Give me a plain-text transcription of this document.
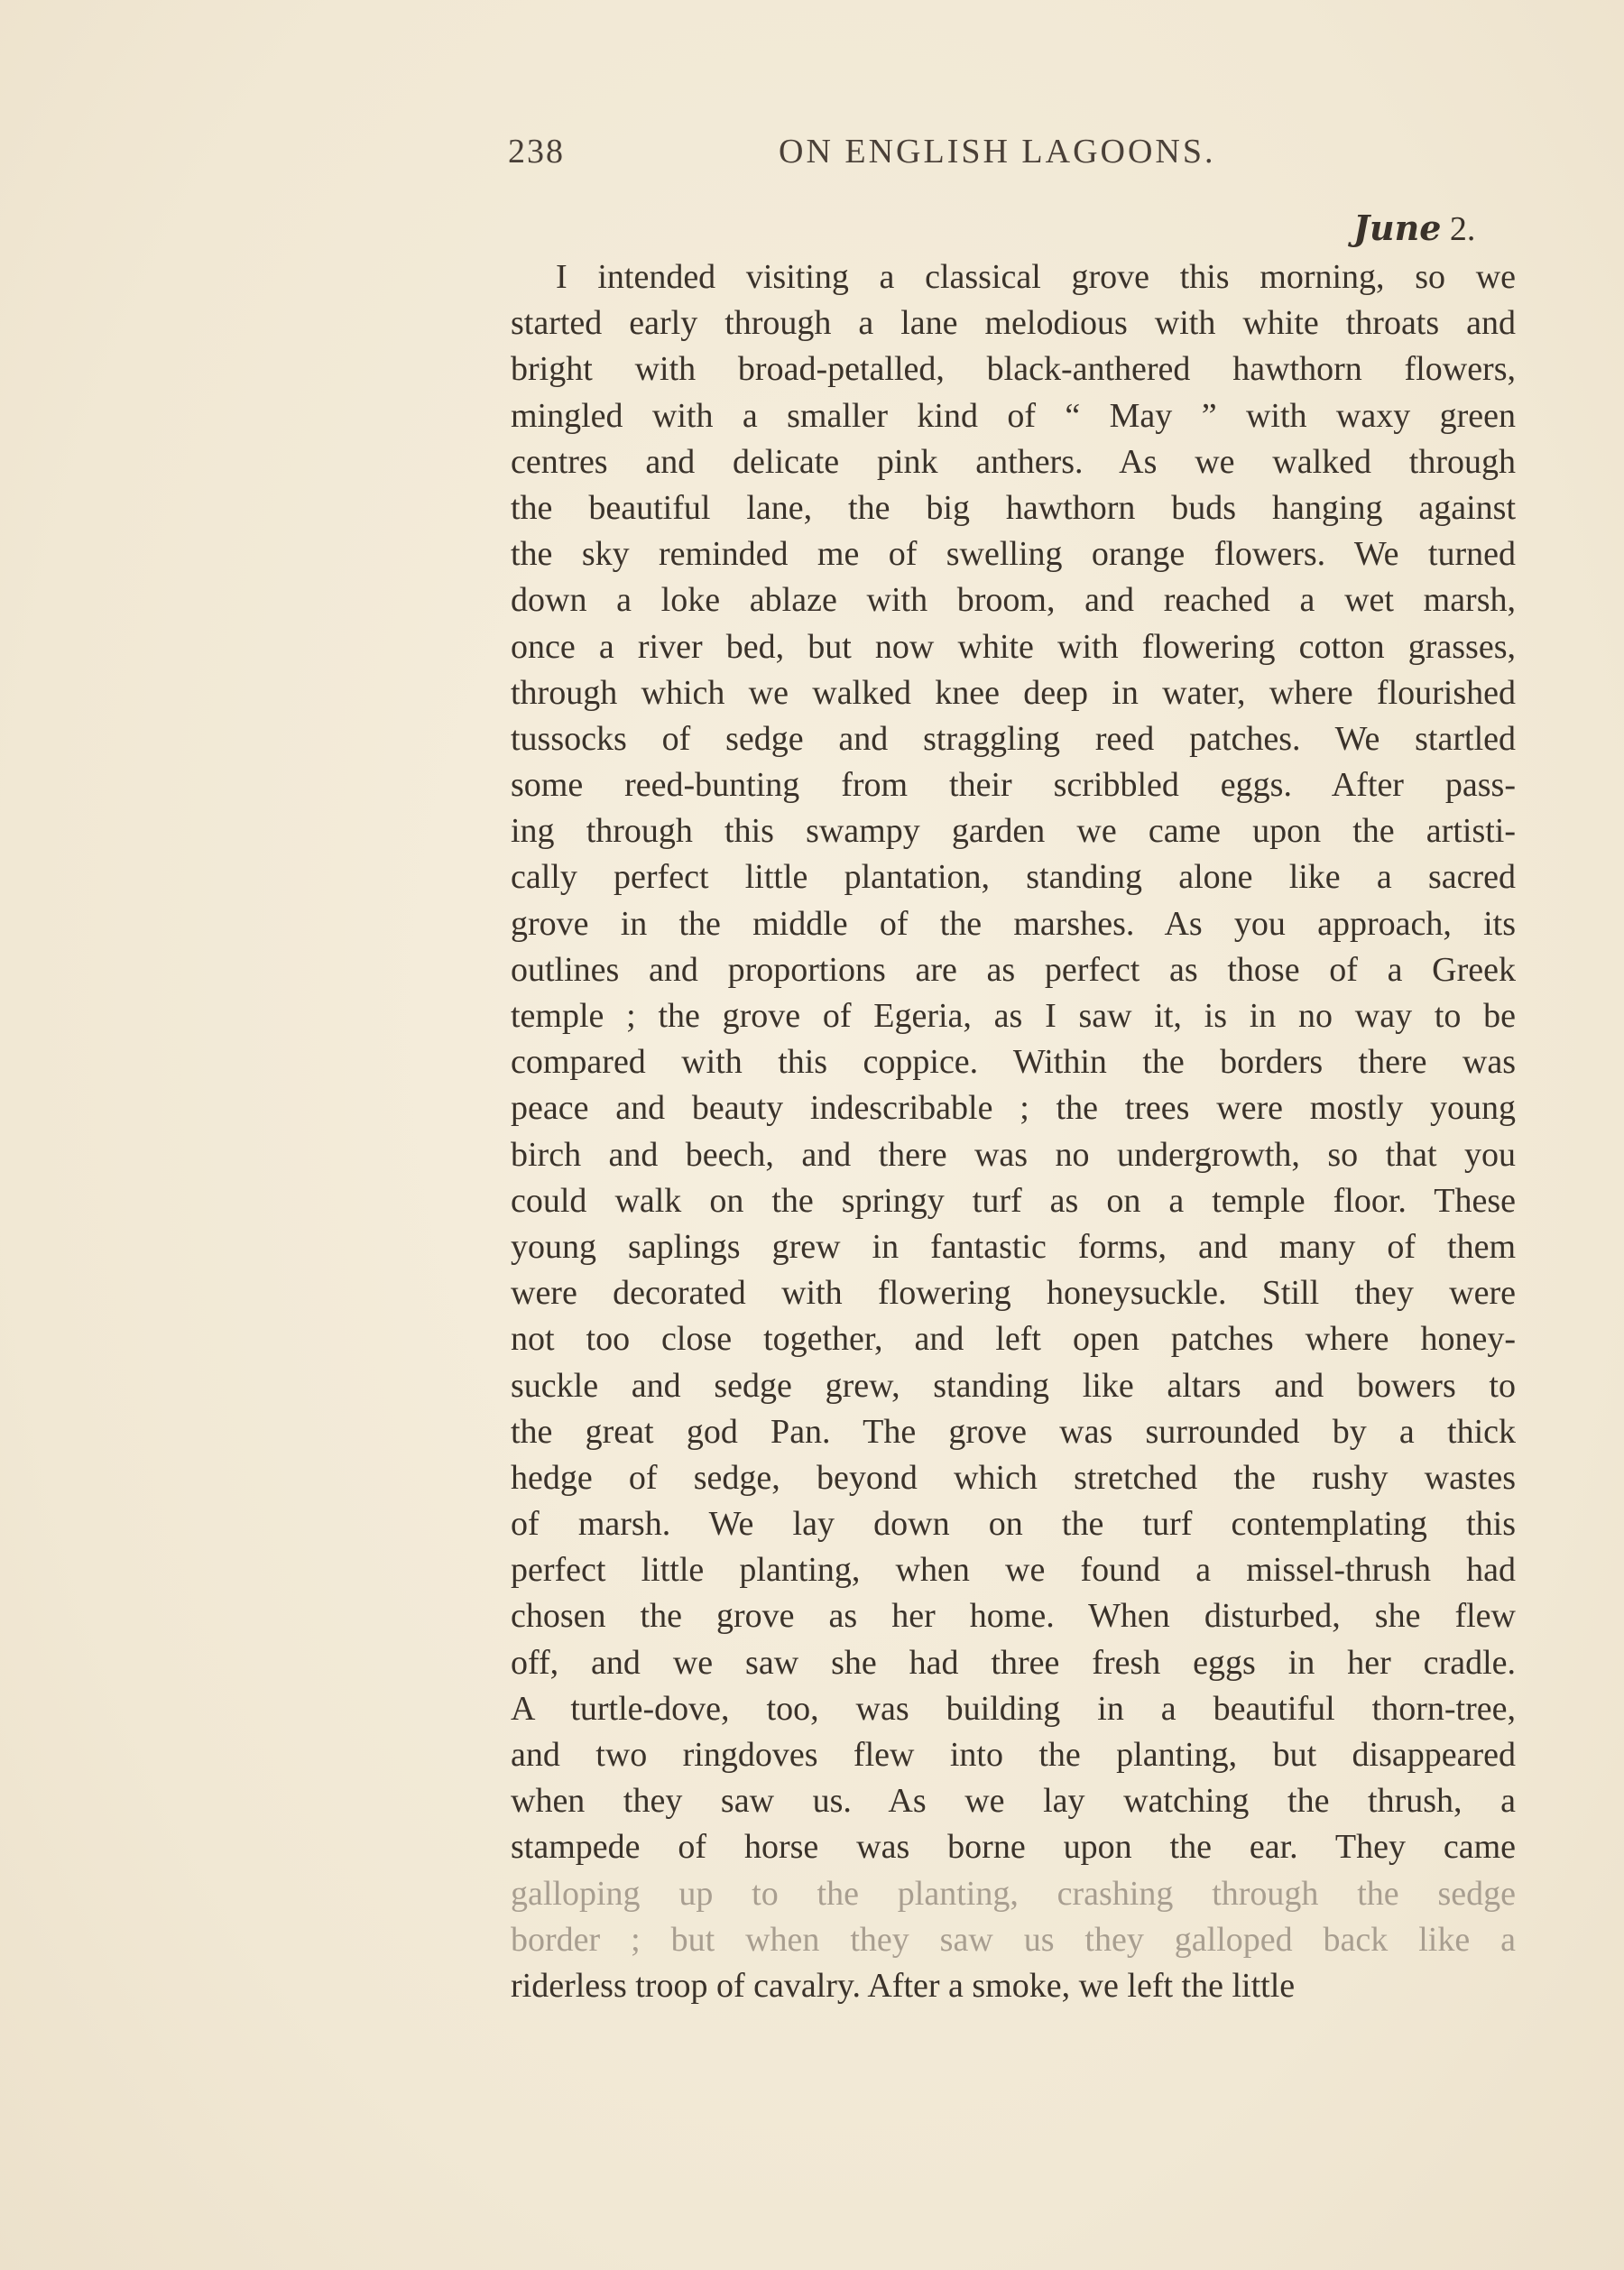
238	ON ENGLISH LAGOONS.
June 2.
I intended visiting a classical grove this morning, so we
started early through a lane melodious with white throats and
bright with broad-petalled, black-anthered hawthorn flowers,
mingled with a smaller kind of “ May ” with waxy green
centres and delicate pink anthers. As we walked through
the beautiful lane, the big hawthorn buds hanging against
the sky reminded me of swelling orange flowers. We turned
down a loke ablaze with broom, and reached a wet marsh,
once a river bed, but now white with flowering cotton grasses,
through which we walked knee deep in water, where flourished
tussocks of sedge and straggling reed patches. We startled
some reed-bunting from their scribbled eggs. After pass-
ing through this swampy garden we came upon the artisti-
cally perfect little plantation, standing alone like a sacred
grove in the middle of the marshes. As you approach, its
outlines and proportions are as perfect as those of a Greek
temple ; the grove of Egeria, as I saw it, is in no way to be
compared with this coppice. Within the borders there was
peace and beauty indescribable ; the trees were mostly young
birch and beech, and there was no undergrowth, so that you
could walk on the springy turf as on a temple floor. These
young saplings grew in fantastic forms, and many of them
were decorated with flowering honeysuckle. Still they were
not too close together, and left open patches where honey-
suckle and sedge grew, standing like altars and bowers to
the great god Pan. The grove was surrounded by a thick
hedge of sedge, beyond which stretched the rushy wastes
of marsh. We lay down on the turf contemplating this
perfect little planting, when we found a missel-thrush had
chosen the grove as her home. When disturbed, she flew
off, and we saw she had three fresh eggs in her cradle.
A turtle-dove, too, was building in a beautiful thorn-tree,
and two ringdoves flew into the planting, but disappeared
when they saw us. As we lay watching the thrush, a
stampede of horse was borne upon the ear. They came
galloping up to the planting, crashing through the sedge
border ; but when they saw us they galloped back like a
riderless troop of cavalry. After a smoke, we left the little
